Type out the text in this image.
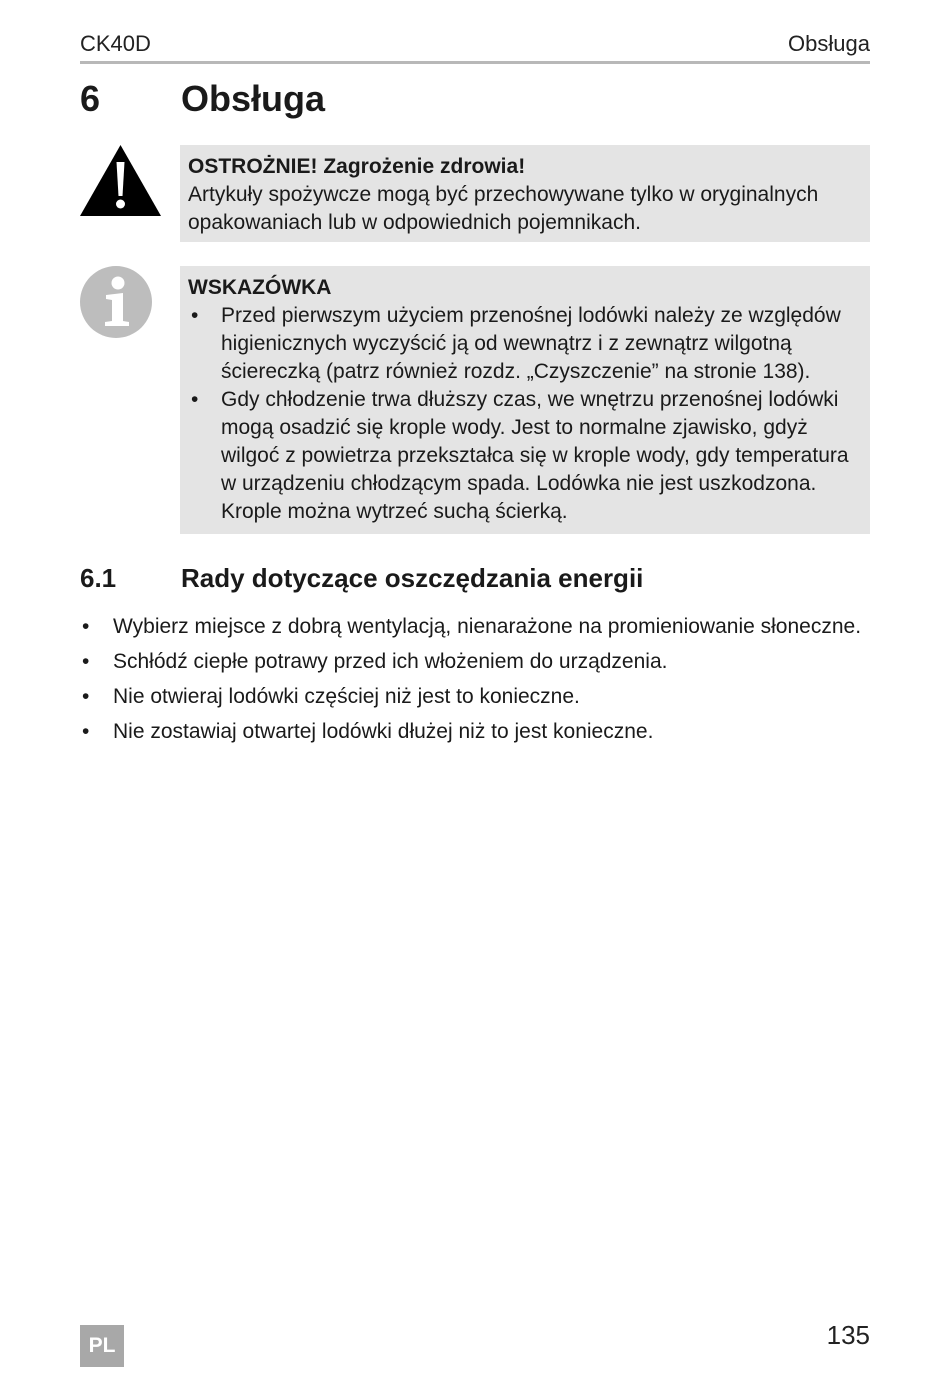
CK40D	Obsługa
6 Obsługa
OSTROŻNIE! Zagrożenie zdrowia!
Artykuły spożywcze mogą być przechowywane tylko w oryginalnych opakowaniach lub w odpowiednich pojemnikach.
WSKAZÓWKA
• Przed pierwszym użyciem przenośnej lodówki należy ze względów higienicznych wyczyścić ją od wewnątrz i z zewnątrz wilgotną ściereczką (patrz również rozdz. „Czyszczenie” na stronie 138).
• Gdy chłodzenie trwa dłuższy czas, we wnętrzu przenośnej lodówki mogą osadzić się krople wody. Jest to normalne zjawisko, gdyż wilgoć z powietrza przekształca się w krople wody, gdy temperatura w urządzeniu chłodzącym spada. Lodówka nie jest uszkodzona. Krople można wytrzeć suchą ścierką.
6.1 Rady dotyczące oszczędzania energii
• Wybierz miejsce z dobrą wentylacją, nienarażone na promieniowanie słoneczne.
• Schłódź ciepłe potrawy przed ich włożeniem do urządzenia.
• Nie otwieraj lodówki częściej niż jest to konieczne.
• Nie zostawiaj otwartej lodówki dłużej niż to jest konieczne.
PL	135
